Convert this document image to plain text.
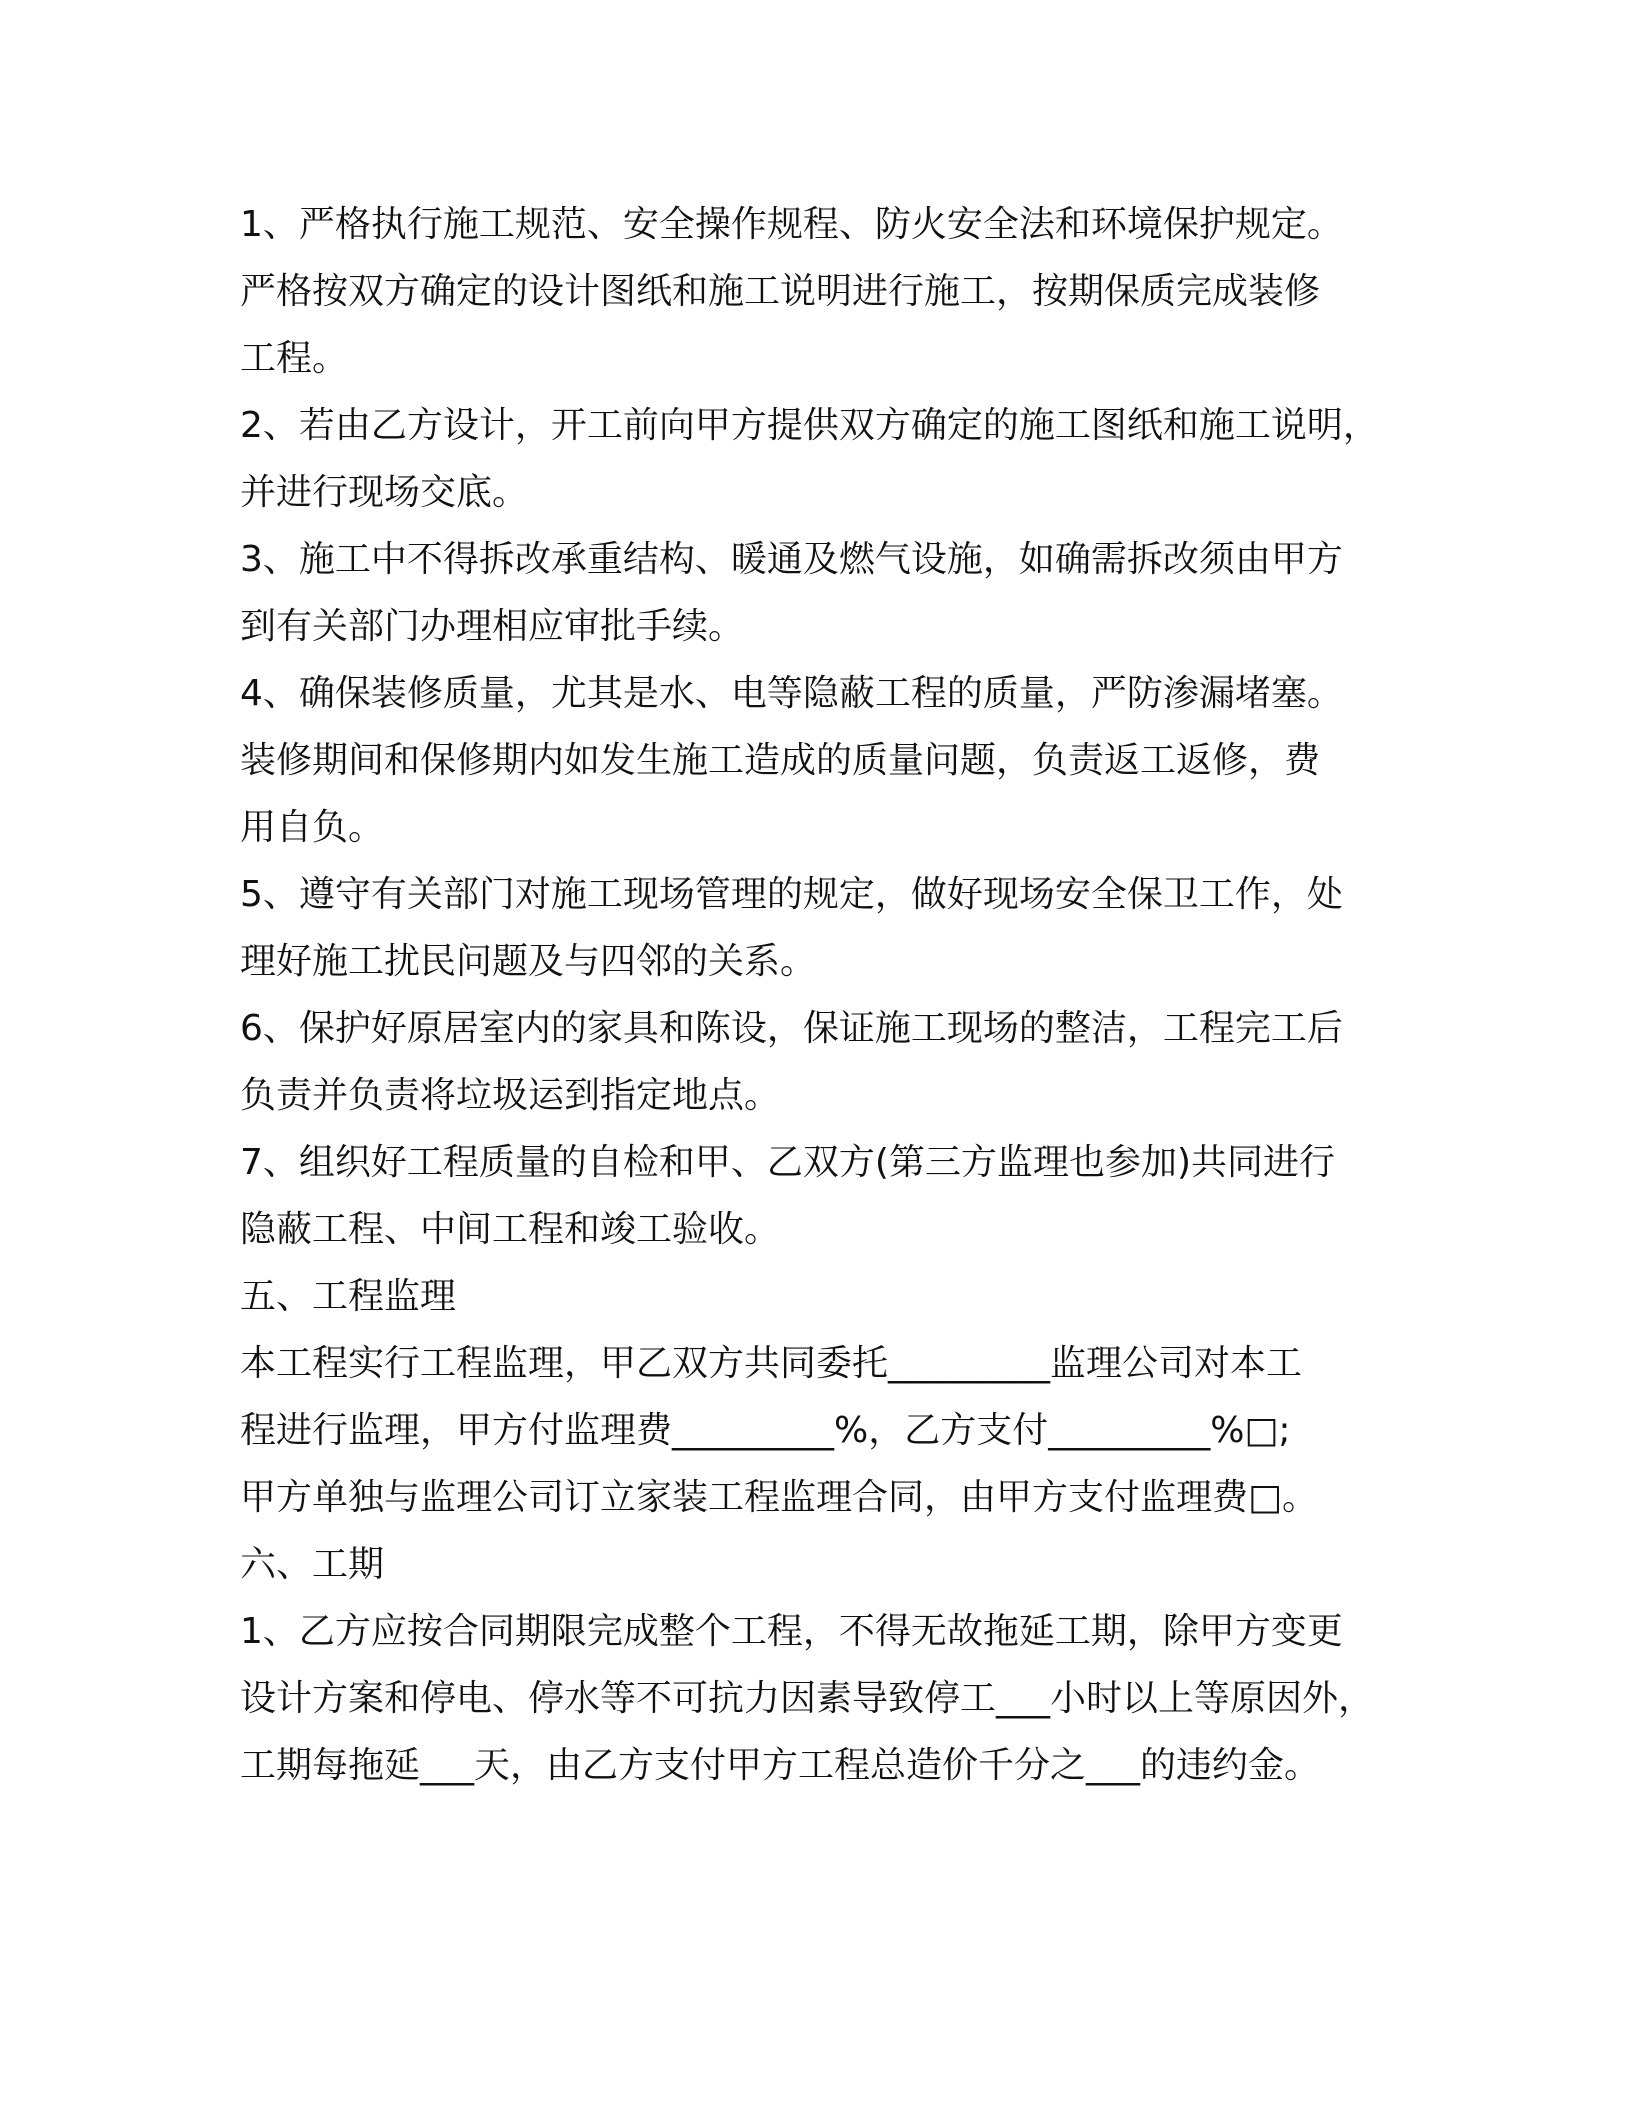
1、严格执行施工规范、安全操作规程、防火安全法和环境保护规定。
严格按双方确定的设计图纸和施工说明进行施工，按期保质完成装修
工程。
2、若由乙方设计，开工前向甲方提供双方确定的施工图纸和施工说明，
并进行现场交底。
3、施工中不得拆改承重结构、暖通及燃气设施，如确需拆改须由甲方
到有关部门办理相应审批手续。
4、确保装修质量，尤其是水、电等隐蔽工程的质量，严防渗漏堵塞。
装修期间和保修期内如发生施工造成的质量问题，负责返工返修，费
用自负。
5、遵守有关部门对施工现场管理的规定，做好现场安全保卫工作，处
理好施工扰民问题及与四邻的关系。
6、保护好原居室内的家具和陈设，保证施工现场的整洁，工程完工后
负责并负责将垃圾运到指定地点。
7、组织好工程质量的自检和甲、乙双方(第三方监理也参加)共同进行
隐蔽工程、中间工程和竣工验收。
五、工程监理
本工程实行工程监理，甲乙双方共同委托_________监理公司对本工
程进行监理，甲方付监理费_________%，乙方支付_________%□;
甲方单独与监理公司订立家装工程监理合同，由甲方支付监理费□。
六、工期
1、乙方应按合同期限完成整个工程，不得无故拖延工期，除甲方变更
设计方案和停电、停水等不可抗力因素导致停工___小时以上等原因外，
工期每拖延___天，由乙方支付甲方工程总造价千分之___的违约金。
